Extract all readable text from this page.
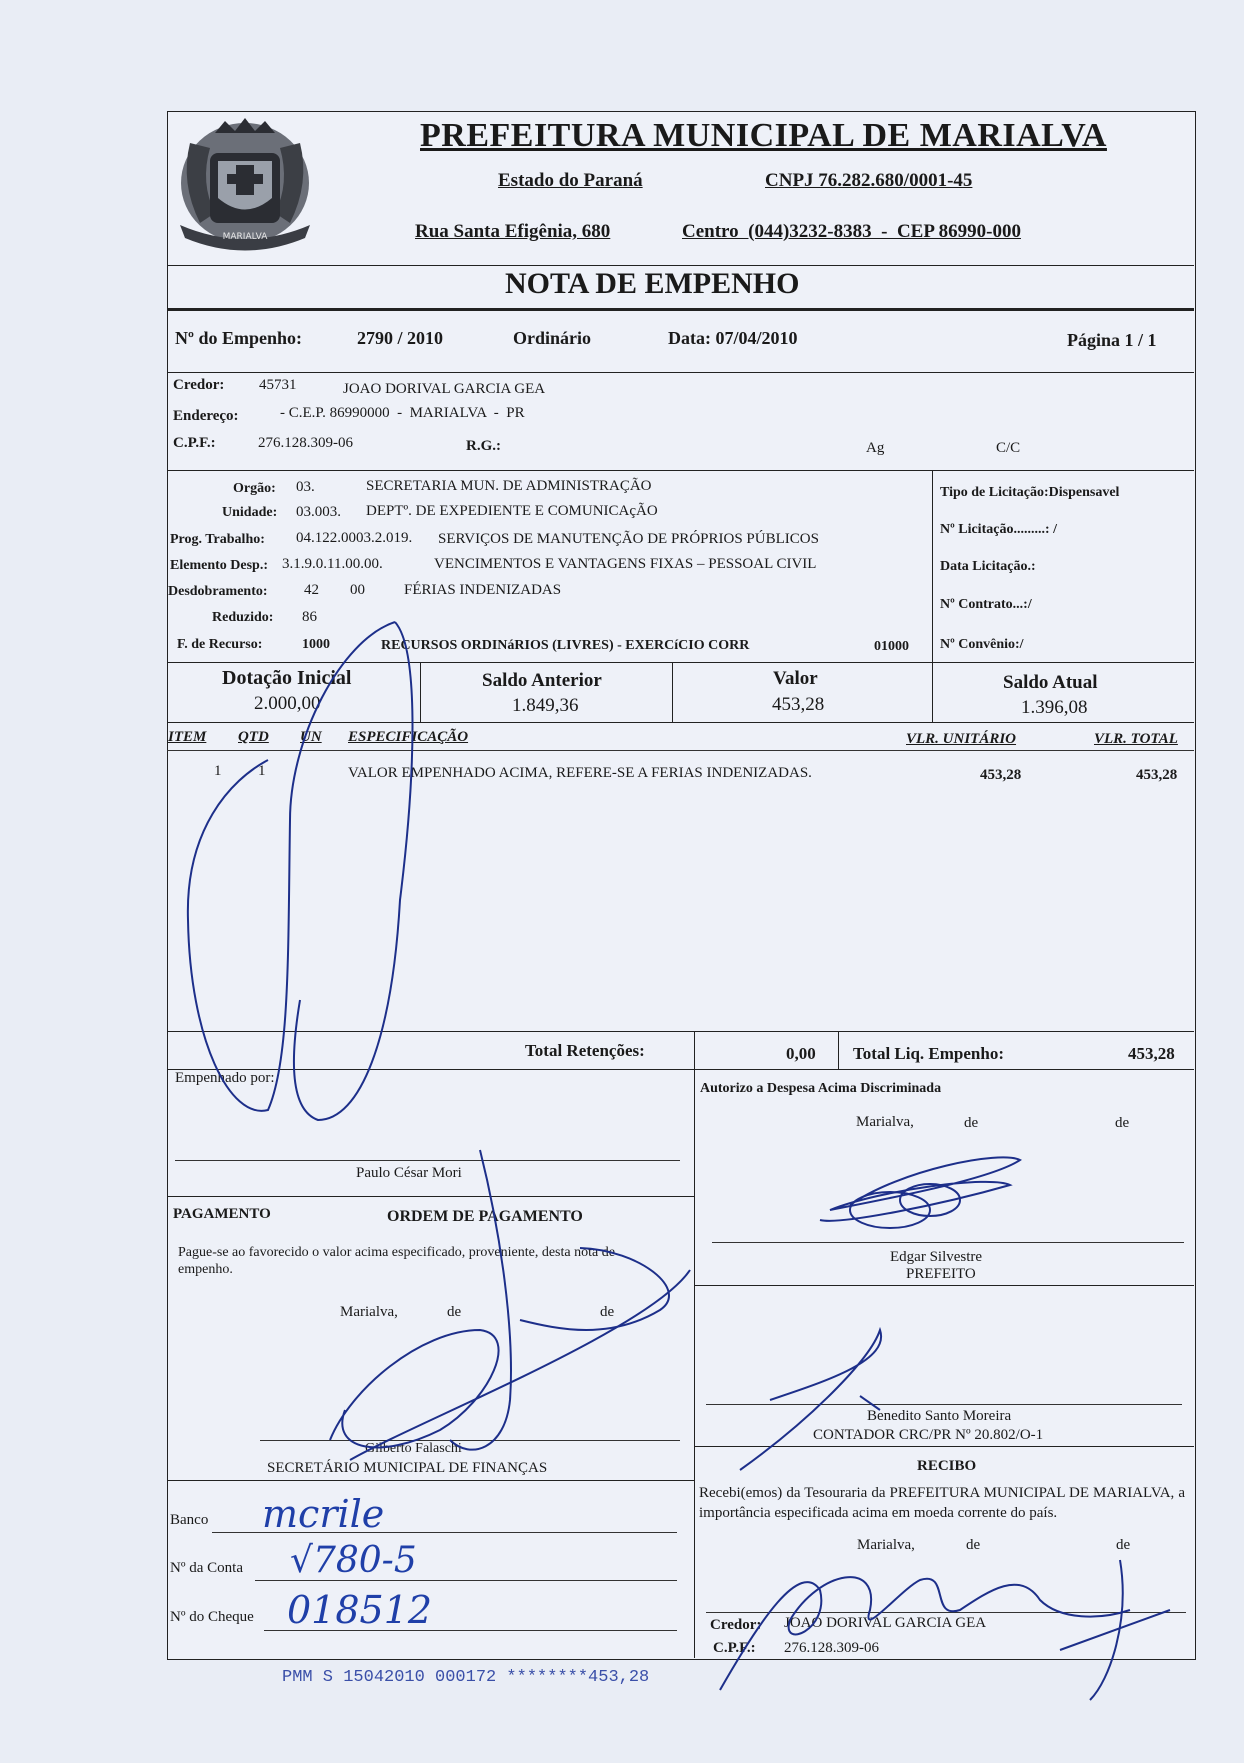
MARIALVA
PREFEITURA MUNICIPAL DE MARIALVA
Estado do Paraná	CNPJ 76.282.680/0001-45
Rua Santa Efigênia, 680	Centro  (044)3232-8383  -  CEP 86990-000
NOTA DE EMPENHO
Nº do Empenho:	2790 / 2010	Ordinário	Data: 07/04/2010	Página 1 / 1
Credor: 45731	JOAO DORIVAL GARCIA GEA
Endereço:	- C.E.P. 86990000  -  MARIALVA  -  PR
C.P.F.:	276.128.309-06	R.G.:	Ag	C/C
Orgão: 03.	SECRETARIA MUN. DE ADMINISTRAÇÃO
Unidade: 03.003. DEPTº. DE EXPEDIENTE E COMUNICAçÃO
Prog. Trabalho: 04.122.0003.2.019. SERVIÇOS DE MANUTENÇÃO DE PRÓPRIOS PÚBLICOS
Elemento Desp.: 3.1.9.0.11.00.00.	VENCIMENTOS E VANTAGENS FIXAS – PESSOAL CIVIL
Desdobramento: 42 00	FÉRIAS INDENIZADAS
Reduzido: 86
F. de Recurso:	1000	RECURSOS ORDINáRIOS (LIVRES) - EXERCíCIO CORR	01000
Tipo de Licitação:Dispensavel
Nº Licitação.........: /
Data Licitação.:
Nº Contrato...:/
Nº Convênio:/
Dotação Inicial
2.000,00
Saldo Anterior
1.849,36
Valor
453,28
Saldo Atual
1.396,08
ITEM QTD UN ESPECIFICAÇÃO	VLR. UNITÁRIO	VLR. TOTAL
1 1	VALOR EMPENHADO ACIMA, REFERE-SE A FERIAS INDENIZADAS.	453,28	453,28
Total Retenções:	0,00 Total Liq. Empenho:	453,28
Empenhado por:
Paulo César Mori
PAGAMENTO	ORDEM DE PAGAMENTO
Pague-se ao favorecido o valor acima especificado, proveniente, desta nota de empenho.
Marialva,	de	de
Gilberto Falaschi
SECRETÁRIO MUNICIPAL DE FINANÇAS
Banco mcrile
Nº da Conta √780-5
Nº do Cheque 018512
Autorizo a Despesa Acima Discriminada
Marialva,	de	de
Edgar Silvestre
PREFEITO
Benedito Santo Moreira
CONTADOR CRC/PR Nº 20.802/O-1
RECIBO
Recebi(emos) da Tesouraria da PREFEITURA MUNICIPAL DE MARIALVA, a importância especificada acima em moeda corrente do país.
Marialva,	de	de
Credor: JOAO DORIVAL GARCIA GEA
C.P.F.: 276.128.309-06
PMM S 15042010 000172 ********453,28
